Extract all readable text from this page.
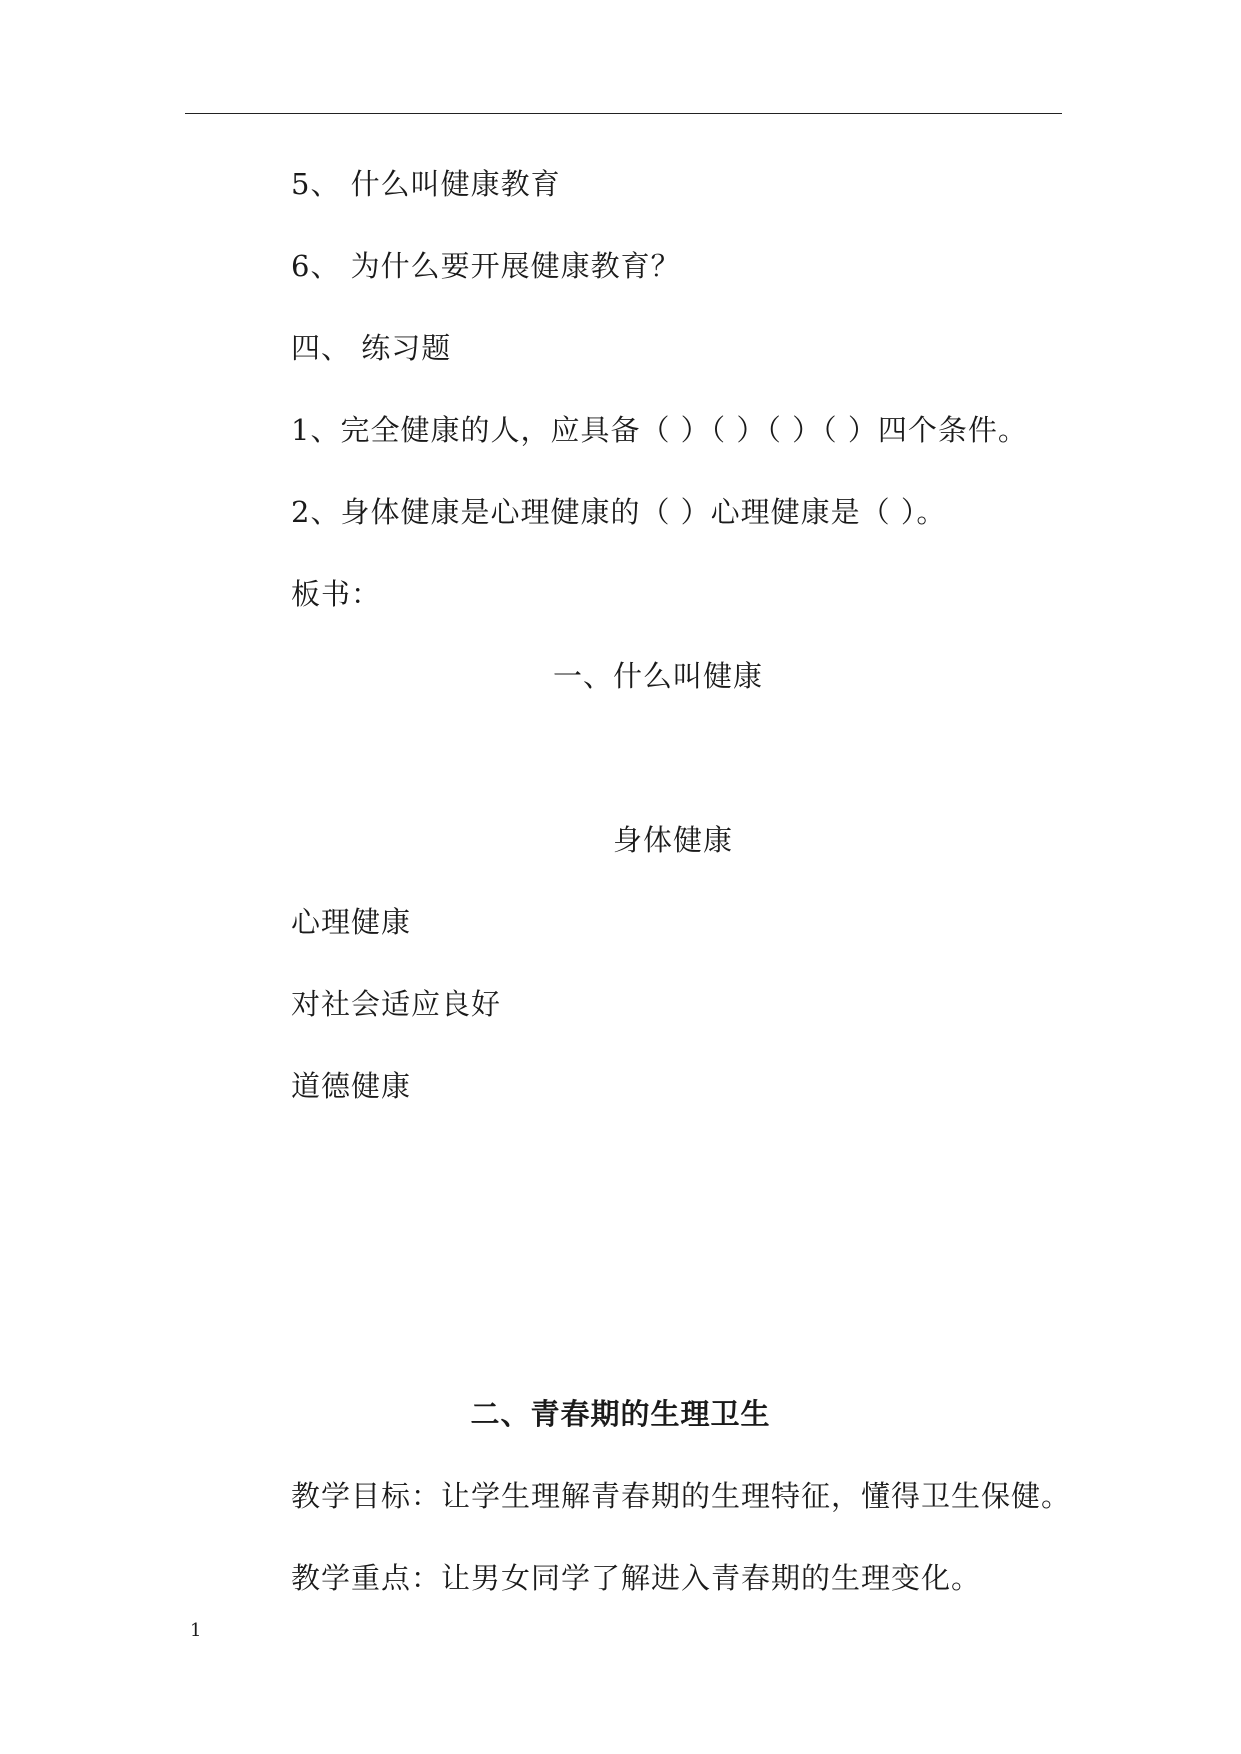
5、 什么叫健康教育
6、 为什么要开展健康教育？
四、 练习题
1、完全健康的人，应具备（ ）（ ）（ ）（ ）四个条件。
2、身体健康是心理健康的（ ）心理健康是（ ）。
板书：
一、什么叫健康
身体健康
心理健康
对社会适应良好
道德健康
二、青春期的生理卫生
教学目标：让学生理解青春期的生理特征，懂得卫生保健。
教学重点：让男女同学了解进入青春期的生理变化。
1
